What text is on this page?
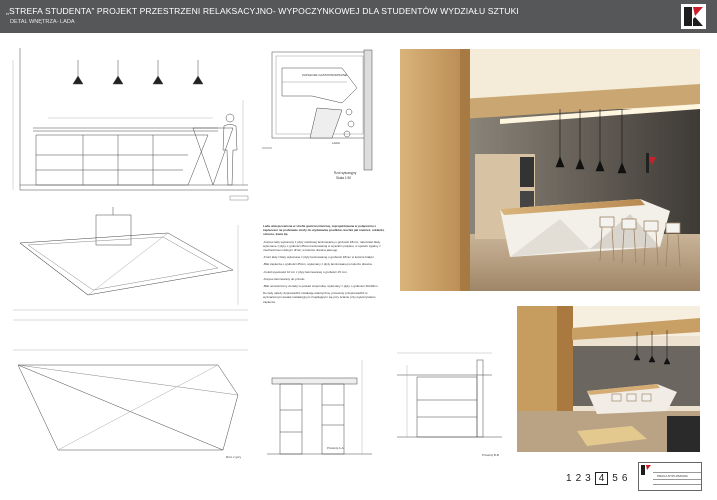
„STREFA STUDENTA” PROJEKT PRZESTRZENI RELAKSACYJNO- WYPOCZYNKOWEJ DLA STUDENTÓW WYDZIAŁU SZTUKI
DETAL WNĘTRZA- LADA
ZAPLECZE GASTRONOMICZNE
LADA
Rzut sytuacyjny
Skala 1:50
Lada umiejscowiona w strefie gastronomicznej, zaprojektowana w połączeniu z zapleczem na podstawie strefy do wydawania posiłków- kuchni jak również, szklanki, sztućce, kawa itp.

-Korpus lady wykonany z płyty meblowej laminowanej o grubości 18mm, natomiast blaty wykonane z płyty o grubości 25mm laminowanej w wysokim połysku, w sposób zgodny z mechanizmem dolnym drzwi, w kolorze drewna jasnego.

-Front lady i blaty wykonane z płyty laminowanej o grubości 18mm w kolorze białym.

-Blat zaplecza o grubości 25mm, wykonany z płyty laminowanej w kolorze drewna.

-Cokół wysokości 10 cm z płyty laminowanej o grubości 15 mm.

-Korpus laminowany do przodu.

-Blat umieszczony do lady w postaci wspornika, wykonany z płyty o grubości 30x30cm.

Do lady należy doprowadzić instalację elektryczną, przewody przeprowadzić w wyznaczonym kanale instalacyjnym znajdującym się przy ścianie przy wykorzystaniu zaplecza.

Rzut z góry
Przekrój A-A
Przekrój B-B
1 2 3 4 5 6	PRACA DYPLOMOWA
